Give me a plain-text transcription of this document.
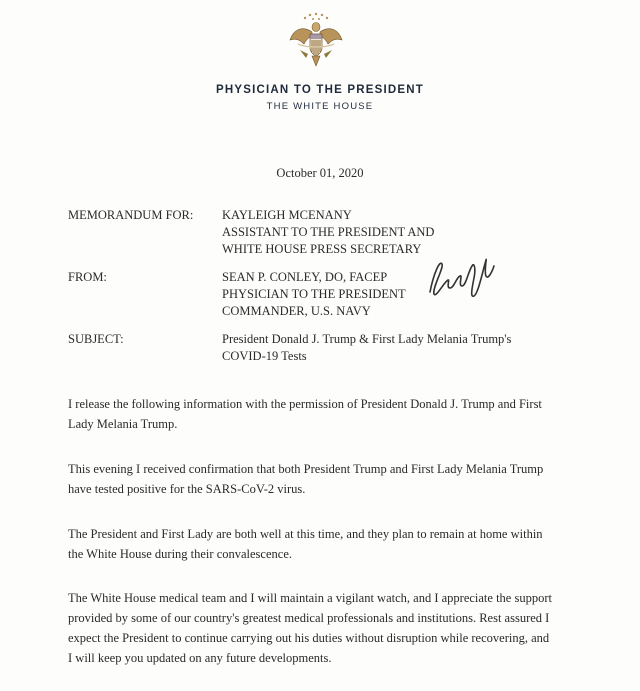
PHYSICIAN TO THE PRESIDENT
THE WHITE HOUSE
October 01, 2020
MEMORANDUM FOR: KAYLEIGH MCENANY
ASSISTANT TO THE PRESIDENT AND
WHITE HOUSE PRESS SECRETARY
FROM:	SEAN P. CONLEY, DO, FACEP
PHYSICIAN TO THE PRESIDENT
COMMANDER, U.S. NAVY
SUBJECT:	President Donald J. Trump & First Lady Melania Trump's
COVID-19 Tests
I release the following information with the permission of President Donald J. Trump and First
Lady Melania Trump.
This evening I received confirmation that both President Trump and First Lady Melania Trump
have tested positive for the SARS-CoV-2 virus.
The President and First Lady are both well at this time, and they plan to remain at home within
the White House during their convalescence.
The White House medical team and I will maintain a vigilant watch, and I appreciate the support
provided by some of our country's greatest medical professionals and institutions. Rest assured I
expect the President to continue carrying out his duties without disruption while recovering, and
I will keep you updated on any future developments.
